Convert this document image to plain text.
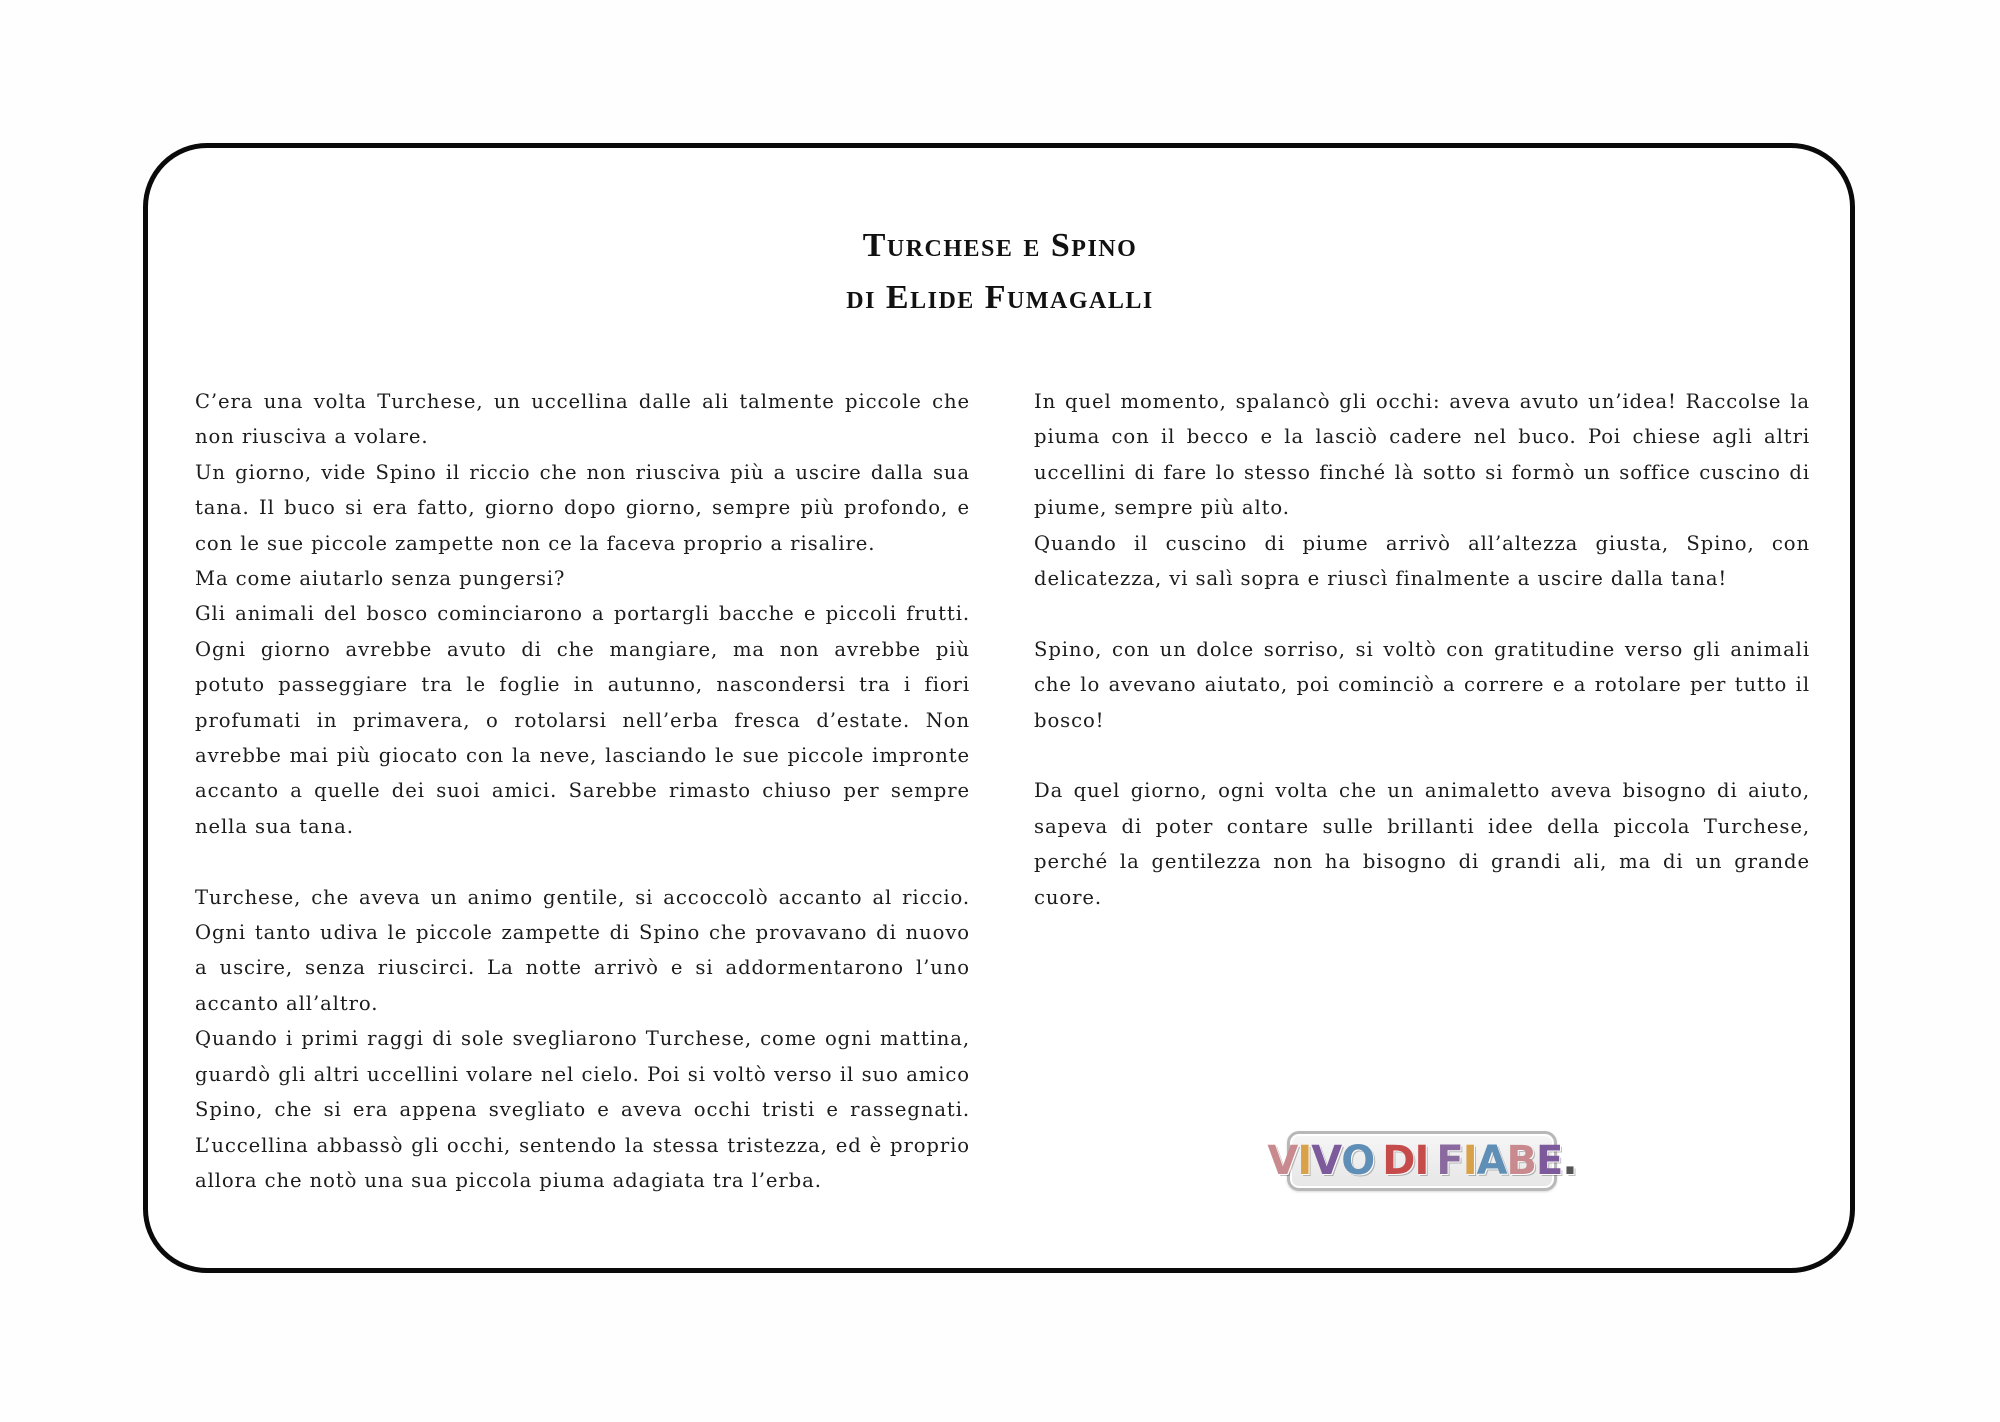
Turchese e Spino
di Elide Fumagalli

C’era una volta Turchese, un uccellina dalle ali talmente piccole che non riusciva a volare.

Un giorno, vide Spino il riccio che non riusciva più a uscire dalla sua tana. Il buco si era fatto, giorno dopo giorno, sempre più profondo, e con le sue piccole zampette non ce la faceva proprio a risalire.

Ma come aiutarlo senza pungersi?

Gli animali del bosco cominciarono a portargli bacche e piccoli frutti. Ogni giorno avrebbe avuto di che mangiare, ma non avrebbe più potuto passeggiare tra le foglie in autunno, nascondersi tra i fiori profumati in primavera, o rotolarsi nell’erba fresca d’estate. Non avrebbe mai più giocato con la neve, lasciando le sue piccole impronte accanto a quelle dei suoi amici. Sarebbe rimasto chiuso per sempre nella sua tana.

Turchese, che aveva un animo gentile, si accoccolò accanto al riccio. Ogni tanto udiva le piccole zampette di Spino che provavano di nuovo a uscire, senza riuscirci. La notte arrivò e si addormentarono l’uno accanto all’altro.

Quando i primi raggi di sole svegliarono Turchese, come ogni mattina, guardò gli altri uccellini volare nel cielo. Poi si voltò verso il suo amico Spino, che si era appena svegliato e aveva occhi tristi e rassegnati. L’uccellina abbassò gli occhi, sentendo la stessa tristezza, ed è proprio allora che notò una sua piccola piuma adagiata tra l’erba.

In quel momento, spalancò gli occhi: aveva avuto un’idea! Raccolse la piuma con il becco e la lasciò cadere nel buco. Poi chiese agli altri uccellini di fare lo stesso finché là sotto si formò un soffice cuscino di piume, sempre più alto.

Quando il cuscino di piume arrivò all’altezza giusta, Spino, con delicatezza, vi salì sopra e riuscì finalmente a uscire dalla tana!

Spino, con un dolce sorriso, si voltò con gratitudine verso gli animali che lo avevano aiutato, poi cominciò a correre e a rotolare per tutto il bosco!

Da quel giorno, ogni volta che un animaletto aveva bisogno di aiuto, sapeva di poter contare sulle brillanti idee della piccola Turchese, perché la gentilezza non ha bisogno di grandi ali, ma di un grande cuore.

VIVO DI FIABE.
